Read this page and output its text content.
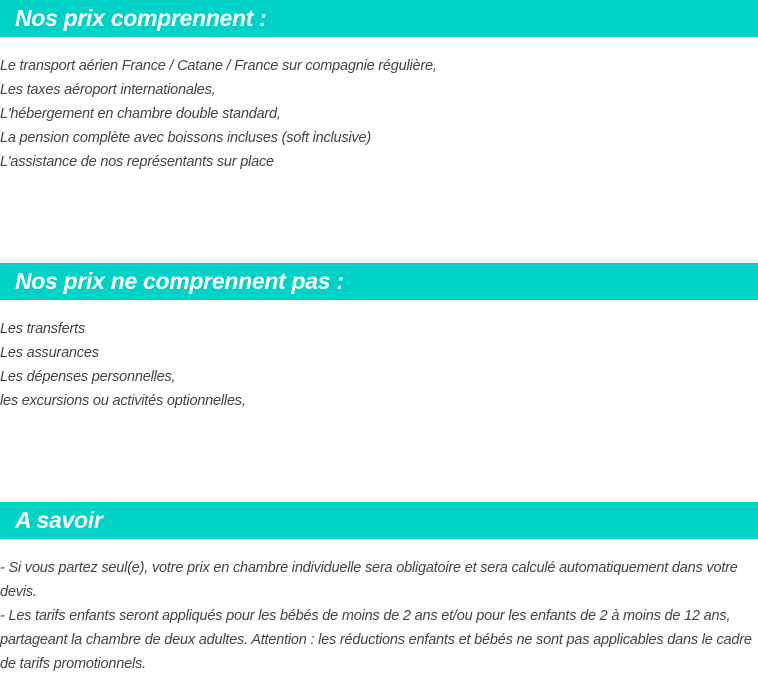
Nos prix comprennent :
Le transport aérien France / Catane / France sur compagnie régulière,
Les taxes aéroport internationales,
L'hébergement en chambre double standard,
La pension complète avec boissons incluses (soft inclusive)
L'assistance de nos représentants sur place
Nos prix ne comprennent pas :
Les transferts
Les assurances
Les dépenses personnelles,
les excursions ou activités optionnelles,
A savoir
- Si vous partez seul(e), votre prix en chambre individuelle sera obligatoire et sera calculé automatiquement dans votre devis.
- Les tarifs enfants seront appliqués pour les bébés de moins de 2 ans et/ou pour les enfants de 2 à moins de 12 ans, partageant la chambre de deux adultes. Attention : les réductions enfants et bébés ne sont pas applicables dans le cadre de tarifs promotionnels.
